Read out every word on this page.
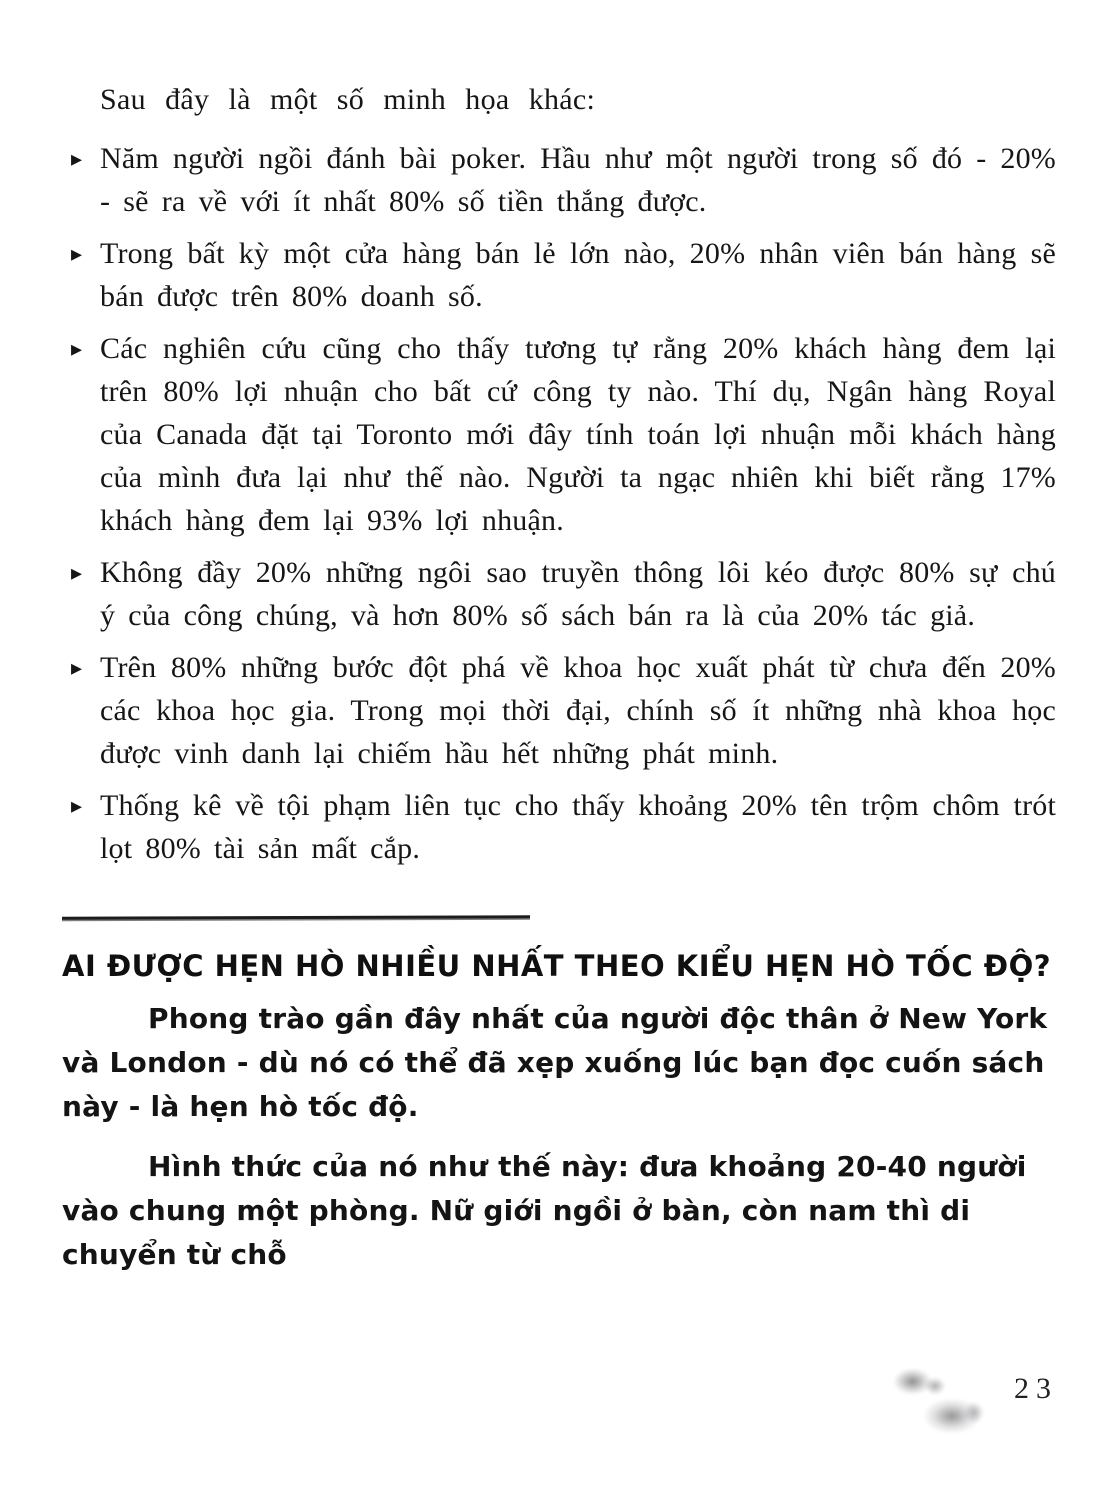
Sau đây là một số minh họa khác:

▸ Năm người ngồi đánh bài poker. Hầu như một người trong số đó - 20% - sẽ ra về với ít nhất 80% số tiền thắng được.
▸ Trong bất kỳ một cửa hàng bán lẻ lớn nào, 20% nhân viên bán hàng sẽ bán được trên 80% doanh số.
▸ Các nghiên cứu cũng cho thấy tương tự rằng 20% khách hàng đem lại trên 80% lợi nhuận cho bất cứ công ty nào. Thí dụ, Ngân hàng Royal của Canada đặt tại Toronto mới đây tính toán lợi nhuận mỗi khách hàng của mình đưa lại như thế nào. Người ta ngạc nhiên khi biết rằng 17% khách hàng đem lại 93% lợi nhuận.
▸ Không đầy 20% những ngôi sao truyền thông lôi kéo được 80% sự chú ý của công chúng, và hơn 80% số sách bán ra là của 20% tác giả.
▸ Trên 80% những bước đột phá về khoa học xuất phát từ chưa đến 20% các khoa học gia. Trong mọi thời đại, chính số ít những nhà khoa học được vinh danh lại chiếm hầu hết những phát minh.
▸ Thống kê về tội phạm liên tục cho thấy khoảng 20% tên trộm chôm trót lọt 80% tài sản mất cắp.
AI ĐƯỢC HẸN HÒ NHIỀU NHẤT THEO KIỂU HẸN HÒ TỐC ĐỘ?

Phong trào gần đây nhất của người độc thân ở New York và London - dù nó có thể đã xẹp xuống lúc bạn đọc cuốn sách này - là hẹn hò tốc độ.

Hình thức của nó như thế này: đưa khoảng 20-40 người vào chung một phòng. Nữ giới ngồi ở bàn, còn nam thì di chuyển từ chỗ

23
